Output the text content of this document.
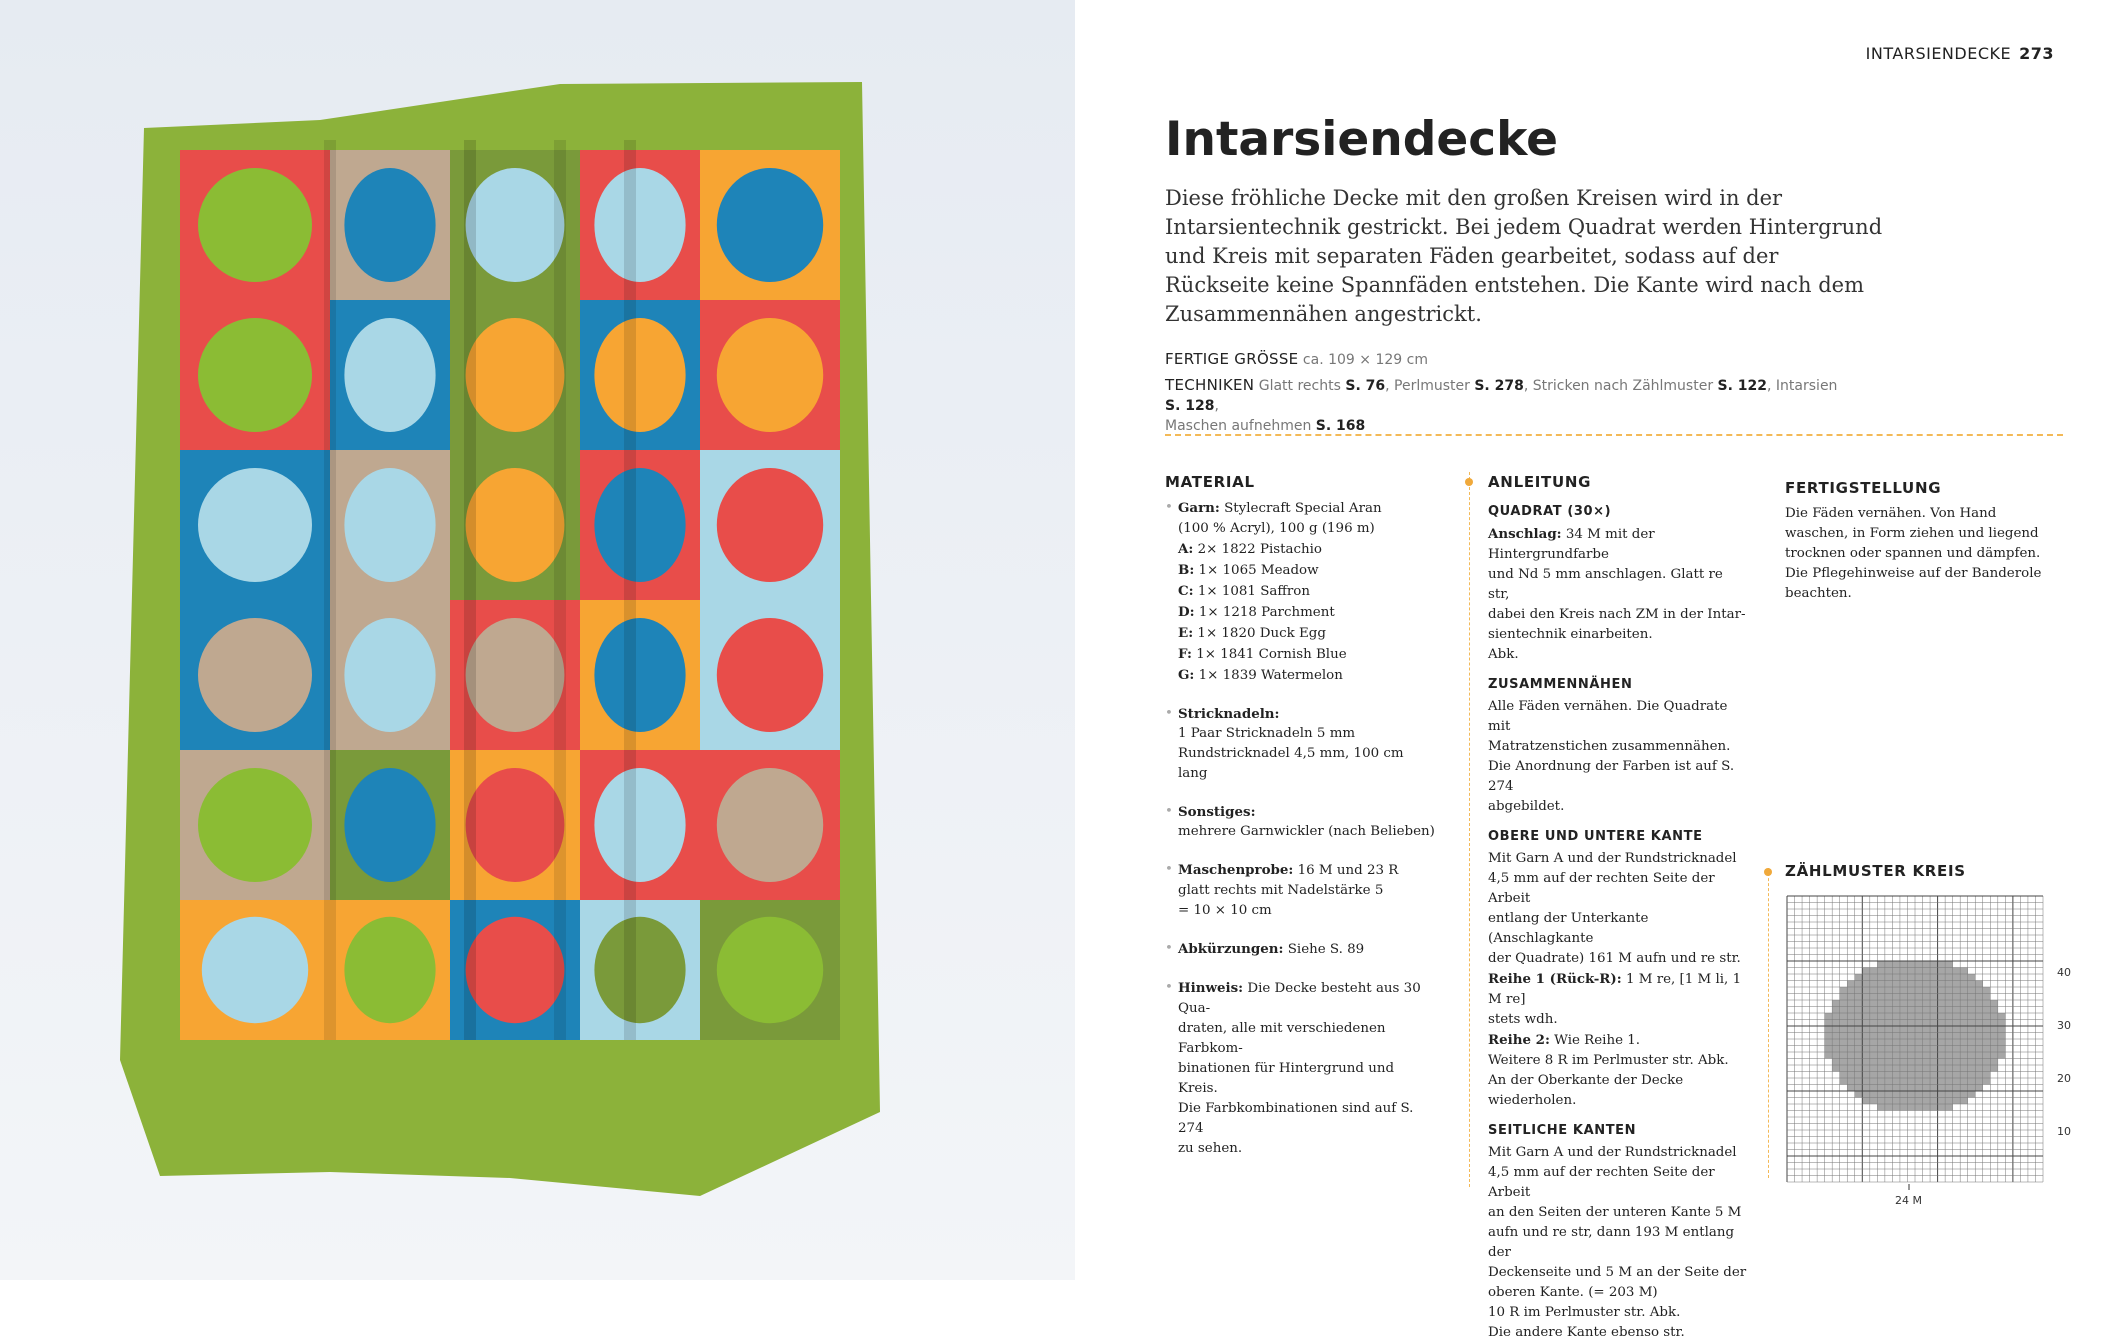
INTARSIENDECKE 273
Intarsiendecke

Diese fröhliche Decke mit den großen Kreisen wird in der Intarsientechnik gestrickt. Bei jedem Quadrat werden Hintergrund und Kreis mit separaten Fäden gearbeitet, sodass auf der Rückseite keine Spannfäden entstehen. Die Kante wird nach dem Zusammennähen angestrickt.

FERTIGE GRÖSSE ca. 109 × 129 cm
TECHNIKEN Glatt rechts S. 76, Perlmuster S. 278, Stricken nach Zählmuster S. 122, Intarsien S. 128,
Maschen aufnehmen S. 168
MATERIAL
• Garn: Stylecraft Special Aran
(100 % Acryl), 100 g (196 m)
A: 2× 1822 Pistachio
B: 1× 1065 Meadow
C: 1× 1081 Saffron
D: 1× 1218 Parchment
E: 1× 1820 Duck Egg
F: 1× 1841 Cornish Blue
G: 1× 1839 Watermelon
• Stricknadeln:
1 Paar Stricknadeln 5 mm
Rundstricknadel 4,5 mm, 100 cm lang
• Sonstiges:
mehrere Garnwickler (nach Belieben)
• Maschenprobe: 16 M und 23 R
glatt rechts mit Nadelstärke 5
= 10 × 10 cm
• Abkürzungen: Siehe S. 89
• Hinweis: Die Decke besteht aus 30 Qua-
draten, alle mit verschiedenen Farbkom-
binationen für Hintergrund und Kreis.
Die Farbkombinationen sind auf S. 274
zu sehen.
ANLEITUNG
QUADRAT (30×)
Anschlag: 34 M mit der Hintergrundfarbe
und Nd 5 mm anschlagen. Glatt re str,
dabei den Kreis nach ZM in der Intar-
sientechnik einarbeiten.
Abk.
ZUSAMMENNÄHEN
Alle Fäden vernähen. Die Quadrate mit
Matratzenstichen zusammennähen.
Die Anordnung der Farben ist auf S. 274
abgebildet.
OBERE UND UNTERE KANTE
Mit Garn A und der Rundstricknadel
4,5 mm auf der rechten Seite der Arbeit
entlang der Unterkante (Anschlagkante
der Quadrate) 161 M aufn und re str.
Reihe 1 (Rück-R): 1 M re, [1 M li, 1 M re]
stets wdh.
Reihe 2: Wie Reihe 1.
Weitere 8 R im Perlmuster str. Abk.
An der Oberkante der Decke
wiederholen.
SEITLICHE KANTEN
Mit Garn A und der Rundstricknadel
4,5 mm auf der rechten Seite der Arbeit
an den Seiten der unteren Kante 5 M
aufn und re str, dann 193 M entlang der
Deckenseite und 5 M an der Seite der
oberen Kante. (= 203 M)
10 R im Perlmuster str. Abk.
Die andere Kante ebenso str.
FERTIGSTELLUNG
Die Fäden vernähen. Von Hand
waschen, in Form ziehen und liegend
trocknen oder spannen und dämpfen.
Die Pflegehinweise auf der Banderole
beachten.
ZÄHLMUSTER KREIS
40
30
20
10
24 M
